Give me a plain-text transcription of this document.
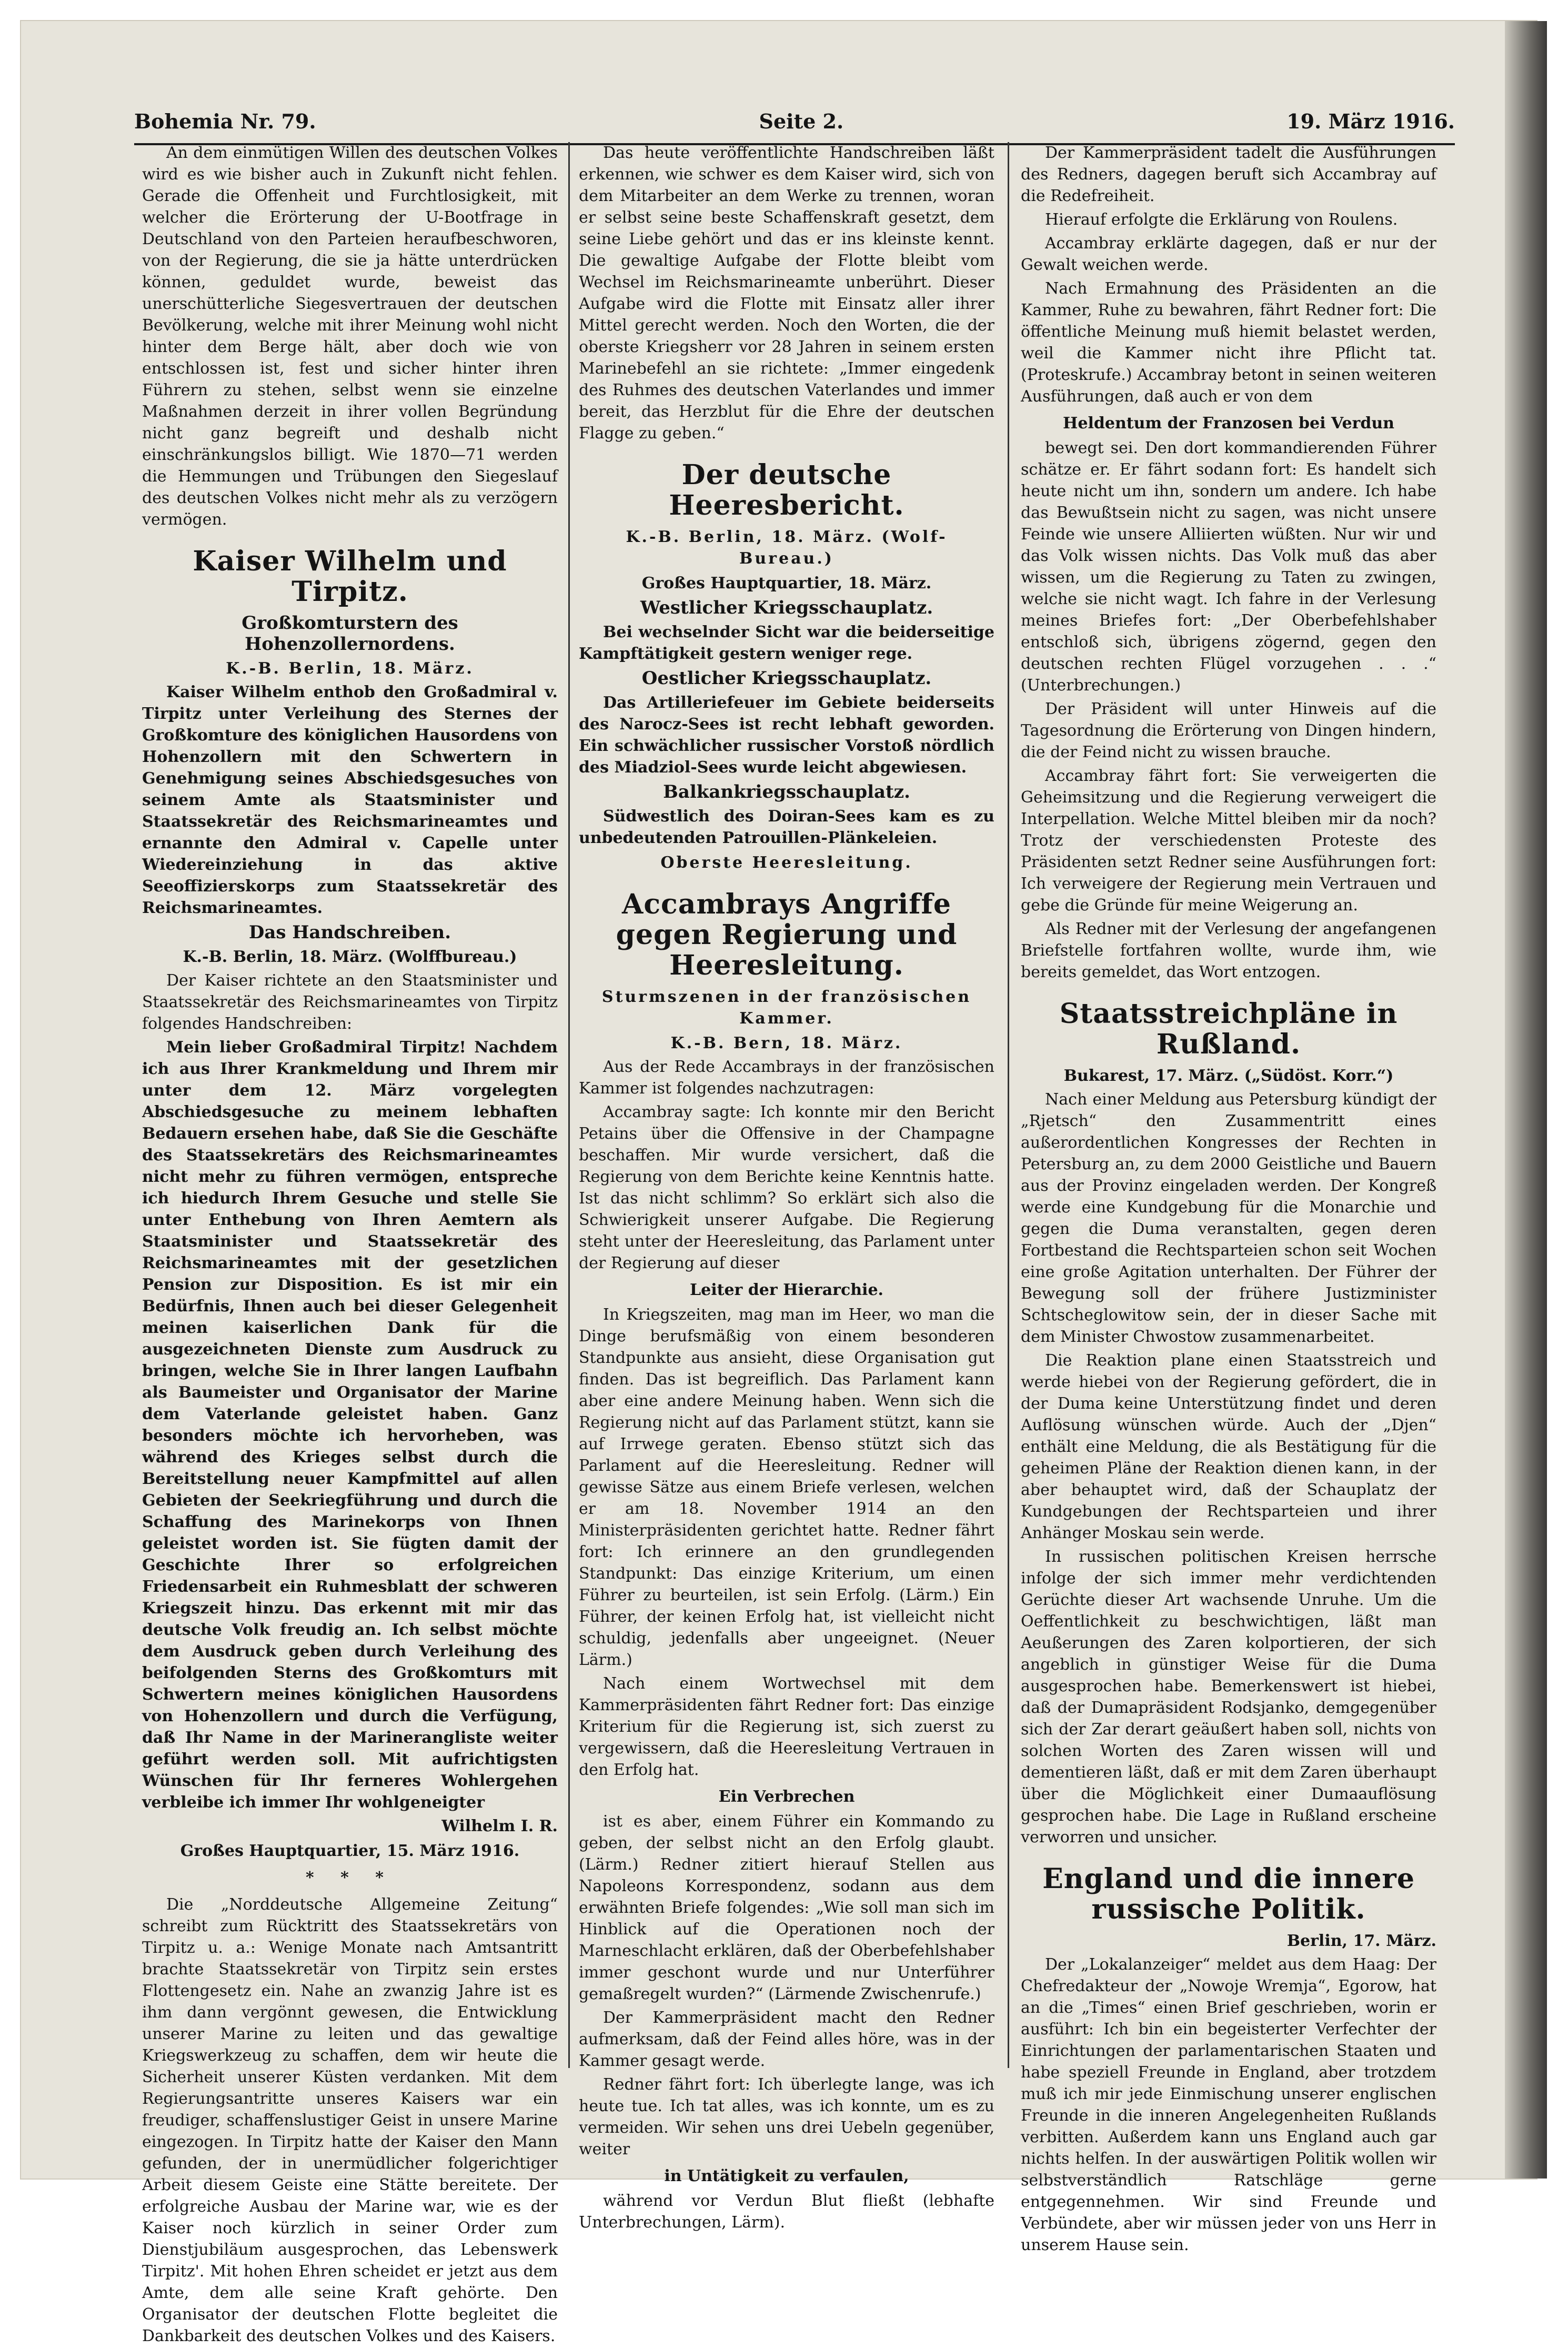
Bohemia Nr. 79.	Seite 2.	19. März 1916.

An dem einmütigen Willen des deutschen Volkes wird es wie bisher auch in Zukunft nicht fehlen. Gerade die Offenheit und Furchtlosigkeit, mit welcher die Erörterung der U-Bootfrage in Deutschland von den Parteien heraufbeschworen, von der Regierung, die sie ja hätte unterdrücken können, geduldet wurde, beweist das unerschütterliche Siegesvertrauen der deutschen Bevölkerung, welche mit ihrer Meinung wohl nicht hinter dem Berge hält, aber doch wie von entschlossen ist, fest und sicher hinter ihren Führern zu stehen, selbst wenn sie einzelne Maßnahmen derzeit in ihrer vollen Begründung nicht ganz begreift und deshalb nicht einschränkungslos billigt. Wie 1870—71 werden die Hemmungen und Trübungen den Siegeslauf des deutschen Volkes nicht mehr als zu verzögern vermögen.

Kaiser Wilhelm und Tirpitz.
Großkomturstern des Hohenzollernordens.
K.-B. Berlin, 18. März.

Kaiser Wilhelm enthob den Großadmiral v. Tirpitz unter Verleihung des Sternes der Großkomture des königlichen Hausordens von Hohenzollern mit den Schwertern in Genehmigung seines Abschiedsgesuches von seinem Amte als Staatsminister und Staatssekretär des Reichsmarineamtes und ernannte den Admiral v. Capelle unter Wiedereinziehung in das aktive Seeoffizierskorps zum Staatssekretär des Reichsmarineamtes.

Das Handschreiben.
K.-B. Berlin, 18. März. (Wolffbureau.)

Der Kaiser richtete an den Staatsminister und Staatssekretär des Reichsmarineamtes von Tirpitz folgendes Handschreiben:

Mein lieber Großadmiral Tirpitz! Nachdem ich aus Ihrer Krankmeldung und Ihrem mir unter dem 12. März vorgelegten Abschiedsgesuche zu meinem lebhaften Bedauern ersehen habe, daß Sie die Geschäfte des Staatssekretärs des Reichsmarineamtes nicht mehr zu führen vermögen, entspreche ich hiedurch Ihrem Gesuche und stelle Sie unter Enthebung von Ihren Aemtern als Staatsminister und Staatssekretär des Reichsmarineamtes mit der gesetzlichen Pension zur Disposition. Es ist mir ein Bedürfnis, Ihnen auch bei dieser Gelegenheit meinen kaiserlichen Dank für die ausgezeichneten Dienste zum Ausdruck zu bringen, welche Sie in Ihrer langen Laufbahn als Baumeister und Organisator der Marine dem Vaterlande geleistet haben. Ganz besonders möchte ich hervorheben, was während des Krieges selbst durch die Bereitstellung neuer Kampfmittel auf allen Gebieten der Seekriegführung und durch die Schaffung des Marinekorps von Ihnen geleistet worden ist. Sie fügten damit der Geschichte Ihrer so erfolgreichen Friedensarbeit ein Ruhmesblatt der schweren Kriegszeit hinzu. Das erkennt mit mir das deutsche Volk freudig an. Ich selbst möchte dem Ausdruck geben durch Verleihung des beifolgenden Sterns des Großkomturs mit Schwertern meines königlichen Hausordens von Hohenzollern und durch die Verfügung, daß Ihr Name in der Marinerangliste weiter geführt werden soll. Mit aufrichtigsten Wünschen für Ihr ferneres Wohlergehen verbleibe ich immer Ihr wohlgeneigter

Wilhelm I. R.
Großes Hauptquartier, 15. März 1916.
* * *

Die „Norddeutsche Allgemeine Zeitung“ schreibt zum Rücktritt des Staatssekretärs von Tirpitz u. a.: Wenige Monate nach Amtsantritt brachte Staatssekretär von Tirpitz sein erstes Flottengesetz ein. Nahe an zwanzig Jahre ist es ihm dann vergönnt gewesen, die Entwicklung unserer Marine zu leiten und das gewaltige Kriegswerkzeug zu schaffen, dem wir heute die Sicherheit unserer Küsten verdanken. Mit dem Regierungsantritte unseres Kaisers war ein freudiger, schaffenslustiger Geist in unsere Marine eingezogen. In Tirpitz hatte der Kaiser den Mann gefunden, der in unermüdlicher folgerichtiger Arbeit diesem Geiste eine Stätte bereitete. Der erfolgreiche Ausbau der Marine war, wie es der Kaiser noch kürzlich in seiner Order zum Dienstjubiläum ausgesprochen, das Lebenswerk Tirpitz'. Mit hohen Ehren scheidet er jetzt aus dem Amte, dem alle seine Kraft gehörte. Den Organisator der deutschen Flotte begleitet die Dankbarkeit des deutschen Volkes und des Kaisers.

Das heute veröffentlichte Handschreiben läßt erkennen, wie schwer es dem Kaiser wird, sich von dem Mitarbeiter an dem Werke zu trennen, woran er selbst seine beste Schaffenskraft gesetzt, dem seine Liebe gehört und das er ins kleinste kennt. Die gewaltige Aufgabe der Flotte bleibt vom Wechsel im Reichsmarineamte unberührt. Dieser Aufgabe wird die Flotte mit Einsatz aller ihrer Mittel gerecht werden. Noch den Worten, die der oberste Kriegsherr vor 28 Jahren in seinem ersten Marinebefehl an sie richtete: „Immer eingedenk des Ruhmes des deutschen Vaterlandes und immer bereit, das Herzblut für die Ehre der deutschen Flagge zu geben.“

Der deutsche Heeresbericht.
K.-B. Berlin, 18. März. (Wolf-Bureau.)
Großes Hauptquartier, 18. März.
Westlicher Kriegsschauplatz.

Bei wechselnder Sicht war die beiderseitige Kampftätigkeit gestern weniger rege.

Oestlicher Kriegsschauplatz.

Das Artilleriefeuer im Gebiete beiderseits des Narocz-Sees ist recht lebhaft geworden. Ein schwächlicher russischer Vorstoß nördlich des Miadziol-Sees wurde leicht abgewiesen.

Balkankriegsschauplatz.

Südwestlich des Doiran-Sees kam es zu unbedeutenden Patrouillen-Plänkeleien.

Oberste Heeresleitung.
Accambrays Angriffe gegen Regierung und Heeresleitung.
Sturmszenen in der französischen Kammer.
K.-B. Bern, 18. März.

Aus der Rede Accambrays in der französischen Kammer ist folgendes nachzutragen:

Accambray sagte: Ich konnte mir den Bericht Petains über die Offensive in der Champagne beschaffen. Mir wurde versichert, daß die Regierung von dem Berichte keine Kenntnis hatte. Ist das nicht schlimm? So erklärt sich also die Schwierigkeit unserer Aufgabe. Die Regierung steht unter der Heeresleitung, das Parlament unter der Regierung auf dieser

Leiter der Hierarchie.

In Kriegszeiten, mag man im Heer, wo man die Dinge berufsmäßig von einem besonderen Standpunkte aus ansieht, diese Organisation gut finden. Das ist begreiflich. Das Parlament kann aber eine andere Meinung haben. Wenn sich die Regierung nicht auf das Parlament stützt, kann sie auf Irrwege geraten. Ebenso stützt sich das Parlament auf die Heeresleitung. Redner will gewisse Sätze aus einem Briefe verlesen, welchen er am 18. November 1914 an den Ministerpräsidenten gerichtet hatte. Redner fährt fort: Ich erinnere an den grundlegenden Standpunkt: Das einzige Kriterium, um einen Führer zu beurteilen, ist sein Erfolg. (Lärm.) Ein Führer, der keinen Erfolg hat, ist vielleicht nicht schuldig, jedenfalls aber ungeeignet. (Neuer Lärm.)

Nach einem Wortwechsel mit dem Kammerpräsidenten fährt Redner fort: Das einzige Kriterium für die Regierung ist, sich zuerst zu vergewissern, daß die Heeresleitung Vertrauen in den Erfolg hat.

Ein Verbrechen

ist es aber, einem Führer ein Kommando zu geben, der selbst nicht an den Erfolg glaubt. (Lärm.) Redner zitiert hierauf Stellen aus Napoleons Korrespondenz, sodann aus dem erwähnten Briefe folgendes: „Wie soll man sich im Hinblick auf die Operationen noch der Marneschlacht erklären, daß der Oberbefehlshaber immer geschont wurde und nur Unterführer gemaßregelt wurden?“ (Lärmende Zwischenrufe.)

Der Kammerpräsident macht den Redner aufmerksam, daß der Feind alles höre, was in der Kammer gesagt werde.

Redner fährt fort: Ich überlegte lange, was ich heute tue. Ich tat alles, was ich konnte, um es zu vermeiden. Wir sehen uns drei Uebeln gegenüber, weiter

in Untätigkeit zu verfaulen,

während vor Verdun Blut fließt (lebhafte Unterbrechungen, Lärm).

Der Kammerpräsident tadelt die Ausführungen des Redners, dagegen beruft sich Accambray auf die Redefreiheit.

Hierauf erfolgte die Erklärung von Roulens.

Accambray erklärte dagegen, daß er nur der Gewalt weichen werde.

Nach Ermahnung des Präsidenten an die Kammer, Ruhe zu bewahren, fährt Redner fort: Die öffentliche Meinung muß hiemit belastet werden, weil die Kammer nicht ihre Pflicht tat. (Proteskrufe.) Accambray betont in seinen weiteren Ausführungen, daß auch er von dem

Heldentum der Franzosen bei Verdun

bewegt sei. Den dort kommandierenden Führer schätze er. Er fährt sodann fort: Es handelt sich heute nicht um ihn, sondern um andere. Ich habe das Bewußtsein nicht zu sagen, was nicht unsere Feinde wie unsere Alliierten wüßten. Nur wir und das Volk wissen nichts. Das Volk muß das aber wissen, um die Regierung zu Taten zu zwingen, welche sie nicht wagt. Ich fahre in der Verlesung meines Briefes fort: „Der Oberbefehlshaber entschloß sich, übrigens zögernd, gegen den deutschen rechten Flügel vorzugehen . . .“ (Unterbrechungen.)

Der Präsident will unter Hinweis auf die Tagesordnung die Erörterung von Dingen hindern, die der Feind nicht zu wissen brauche.

Accambray fährt fort: Sie verweigerten die Geheimsitzung und die Regierung verweigert die Interpellation. Welche Mittel bleiben mir da noch? Trotz der verschiedensten Proteste des Präsidenten setzt Redner seine Ausführungen fort: Ich verweigere der Regierung mein Vertrauen und gebe die Gründe für meine Weigerung an.

Als Redner mit der Verlesung der angefangenen Briefstelle fortfahren wollte, wurde ihm, wie bereits gemeldet, das Wort entzogen.

Staatsstreichpläne in Rußland.
Bukarest, 17. März. („Südöst. Korr.“)

Nach einer Meldung aus Petersburg kündigt der „Rjetsch“ den Zusammentritt eines außerordentlichen Kongresses der Rechten in Petersburg an, zu dem 2000 Geistliche und Bauern aus der Provinz eingeladen werden. Der Kongreß werde eine Kundgebung für die Monarchie und gegen die Duma veranstalten, gegen deren Fortbestand die Rechtsparteien schon seit Wochen eine große Agitation unterhalten. Der Führer der Bewegung soll der frühere Justizminister Schtscheglowitow sein, der in dieser Sache mit dem Minister Chwostow zusammenarbeitet.

Die Reaktion plane einen Staatsstreich und werde hiebei von der Regierung gefördert, die in der Duma keine Unterstützung findet und deren Auflösung wünschen würde. Auch der „Djen“ enthält eine Meldung, die als Bestätigung für die geheimen Pläne der Reaktion dienen kann, in der aber behauptet wird, daß der Schauplatz der Kundgebungen der Rechtsparteien und ihrer Anhänger Moskau sein werde.

In russischen politischen Kreisen herrsche infolge der sich immer mehr verdichtenden Gerüchte dieser Art wachsende Unruhe. Um die Oeffentlichkeit zu beschwichtigen, läßt man Aeußerungen des Zaren kolportieren, der sich angeblich in günstiger Weise für die Duma ausgesprochen habe. Bemerkenswert ist hiebei, daß der Dumapräsident Rodsjanko, demgegenüber sich der Zar derart geäußert haben soll, nichts von solchen Worten des Zaren wissen will und dementieren läßt, daß er mit dem Zaren überhaupt über die Möglichkeit einer Dumaauflösung gesprochen habe. Die Lage in Rußland erscheine verworren und unsicher.

England und die innere russische Politik.
Berlin, 17. März.

Der „Lokalanzeiger“ meldet aus dem Haag: Der Chefredakteur der „Nowoje Wremja“, Egorow, hat an die „Times“ einen Brief geschrieben, worin er ausführt: Ich bin ein begeisterter Verfechter der Einrichtungen der parlamentarischen Staaten und habe speziell Freunde in England, aber trotzdem muß ich mir jede Einmischung unserer englischen Freunde in die inneren Angelegenheiten Rußlands verbitten. Außerdem kann uns England auch gar nichts helfen. In der auswärtigen Politik wollen wir selbstverständlich Ratschläge gerne entgegennehmen. Wir sind Freunde und Verbündete, aber wir müssen jeder von uns Herr in unserem Hause sein.
